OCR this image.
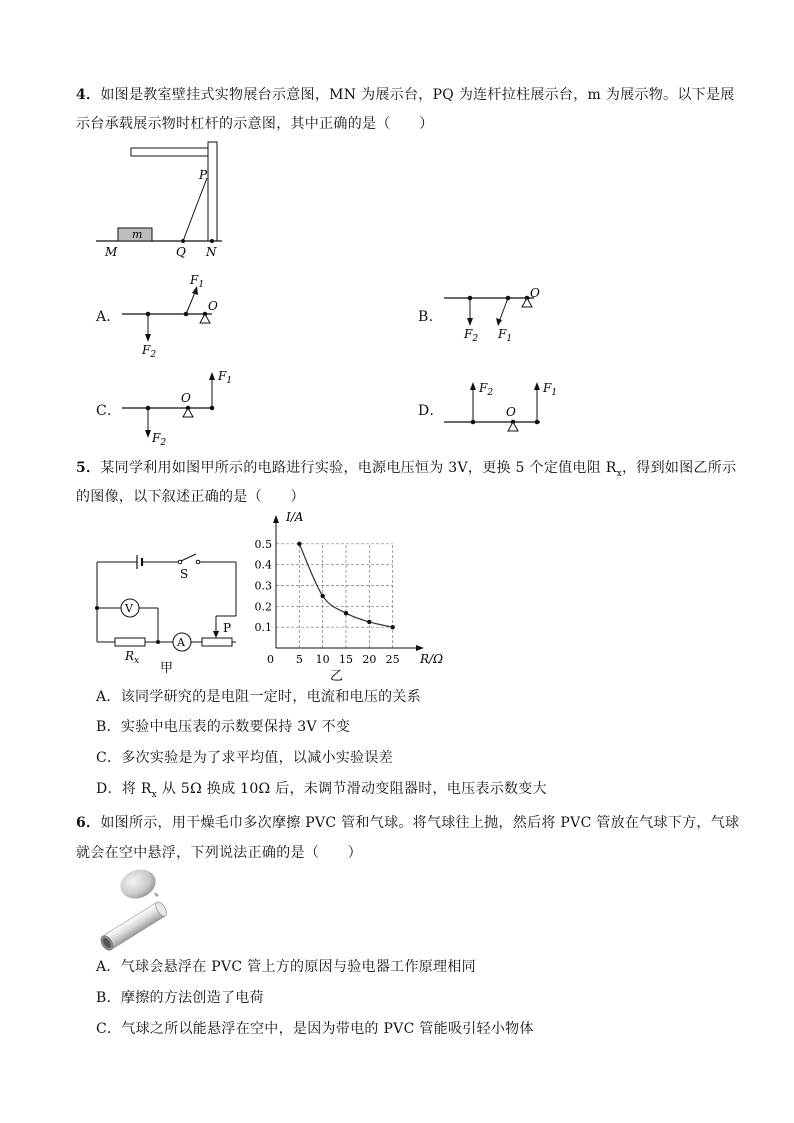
4．如图是教室壁挂式实物展台示意图，MN 为展示台，PQ 为连杆拉柱展示台，m 为展示物。以下是展
示台承载展示物时杠杆的示意图，其中正确的是（　　）
m
P
M	Q N
A．
$F_1$
$F_2$
O
B．
$F_2$ $F_1$
O
C．
$F_1$
$F_2$
O
D．
$F_2$	$F_1$
O
5．某同学利用如图甲所示的电路进行实验，电源电压恒为 3V，更换 5 个定值电阻 $R_x$，得到如图乙所示
的图像，以下叙述正确的是（　　）
S
V
A
P
$R_x$ 甲
5 10 15 20 25
0.1
0.2
0.3
0.4
0.5
I/A
R/Ω
0
乙
A．该同学研究的是电阻一定时，电流和电压的关系
B．实验中电压表的示数要保持 3V 不变
C．多次实验是为了求平均值，以减小实验误差
D．将 $R_x$ 从 5Ω 换成 10Ω 后，未调节滑动变阻器时，电压表示数变大
6．如图所示，用干燥毛巾多次摩擦 PVC 管和气球。将气球往上抛，然后将 PVC 管放在气球下方，气球
就会在空中悬浮，下列说法正确的是（　　）
A．气球会悬浮在 PVC 管上方的原因与验电器工作原理相同
B．摩擦的方法创造了电荷
C．气球之所以能悬浮在空中，是因为带电的 PVC 管能吸引轻小物体
